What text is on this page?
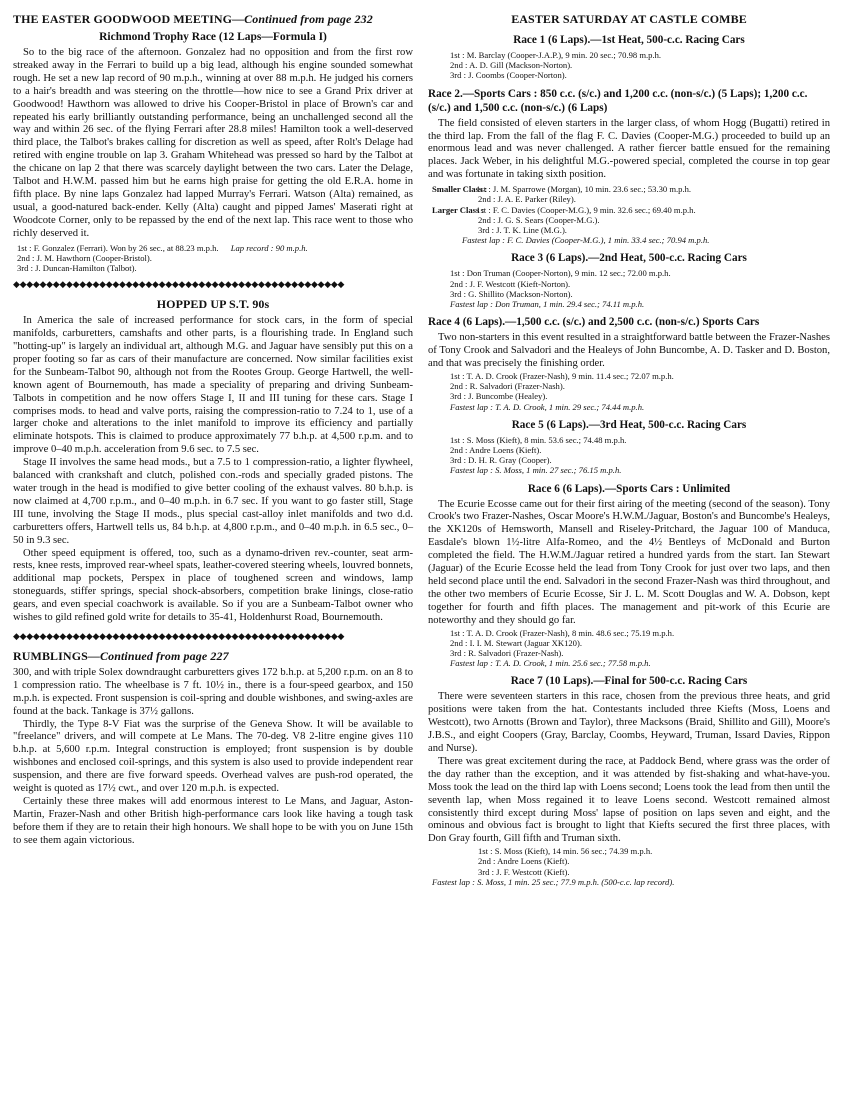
THE EASTER GOODWOOD MEETING—Continued from page 232
Richmond Trophy Race (12 Laps—Formula I)

So to the big race of the afternoon. Gonzalez had no opposition and from the first row streaked away in the Ferrari to build up a big lead, although his engine sounded somewhat rough. He set a new lap record of 90 m.p.h., winning at over 88 m.p.h. He judged his corners to a hair's breadth and was steering on the throttle—how nice to see a Grand Prix driver at Goodwood! Hawthorn was allowed to drive his Cooper-Bristol in place of Brown's car and repeated his early brilliantly outstanding performance, being an unchallenged second all the way and within 26 sec. of the flying Ferrari after 28.8 miles! Hamilton took a well-deserved third place, the Talbot's brakes calling for discretion as well as speed, after Rolt's Delage had retired with engine trouble on lap 3. Graham Whitehead was pressed so hard by the Talbot at the chicane on lap 2 that there was scarcely daylight between the two cars. Later the Delage, Talbot and H.W.M. passed him but he earns high praise for getting the old E.R.A. home in fifth place. By nine laps Gonzalez had lapped Murray's Ferrari. Watson (Alta) remained, as usual, a good-natured back-ender. Kelly (Alta) caught and pipped James' Maserati right at Woodcote Corner, only to be repassed by the end of the next lap. This race went to those who richly deserved it.

1st : F. Gonzalez (Ferrari). Won by 26 sec., at 88.23 m.p.h. Lap record : 90 m.p.h.
2nd : J. M. Hawthorn (Cooper-Bristol).
3rd : J. Duncan-Hamilton (Talbot).
◆◆◆◆◆◆◆◆◆◆◆◆◆◆◆◆◆◆◆◆◆◆◆◆◆◆◆◆◆◆◆◆◆◆◆◆◆◆◆◆◆◆◆◆◆◆◆◆◆◆
HOPPED UP S.T. 90s

In America the sale of increased performance for stock cars, in the form of special manifolds, carburetters, camshafts and other parts, is a flourishing trade. In England such "hotting-up" is largely an individual art, although M.G. and Jaguar have sensibly put this on a proper footing so far as cars of their manufacture are concerned. Now similar facilities exist for the Sunbeam-Talbot 90, although not from the Rootes Group. George Hartwell, the well-known agent of Bournemouth, has made a speciality of preparing and driving Sunbeam-Talbots in competition and he now offers Stage I, II and III tuning for these cars. Stage I comprises mods. to head and valve ports, raising the compression-ratio to 7.24 to 1, use of a larger choke and alterations to the inlet manifold to improve its efficiency and partially eliminate hotspots. This is claimed to produce approximately 77 b.h.p. at 4,500 r.p.m. and to improve 0–40 m.p.h. acceleration from 9.6 sec. to 7.5 sec.

Stage II involves the same head mods., but a 7.5 to 1 compression-ratio, a lighter flywheel, balanced with crankshaft and clutch, polished con.-rods and specially graded pistons. The water trough in the head is modified to give better cooling of the exhaust valves. 80 b.h.p. is now claimed at 4,700 r.p.m., and 0–40 m.p.h. in 6.7 sec. If you want to go faster still, Stage III tune, involving the Stage II mods., plus special cast-alloy inlet manifolds and two d.d. carburetters offers, Hartwell tells us, 84 b.h.p. at 4,800 r.p.m., and 0–40 m.p.h. in 6.5 sec., 0–50 in 9.3 sec.

Other speed equipment is offered, too, such as a dynamo-driven rev.-counter, seat arm-rests, knee rests, improved rear-wheel spats, leather-covered steering wheels, louvred bonnets, additional map pockets, Perspex in place of toughened screen and windows, lamp stoneguards, stiffer springs, special shock-absorbers, competition brake linings, close-ratio gears, and even special coachwork is available. So if you are a Sunbeam-Talbot owner who wishes to gild refined gold write for details to 35-41, Holdenhurst Road, Bournemouth.

◆◆◆◆◆◆◆◆◆◆◆◆◆◆◆◆◆◆◆◆◆◆◆◆◆◆◆◆◆◆◆◆◆◆◆◆◆◆◆◆◆◆◆◆◆◆◆◆◆◆
RUMBLINGS—Continued from page 227

300, and with triple Solex downdraught carburetters gives 172 b.h.p. at 5,200 r.p.m. on an 8 to 1 compression ratio. The wheelbase is 7 ft. 10½ in., there is a four-speed gearbox, and 150 m.p.h. is expected. Front suspension is coil-spring and double wishbones, and swing-axles are found at the back. Tankage is 37½ gallons.

Thirdly, the Type 8-V Fiat was the surprise of the Geneva Show. It will be available to "freelance" drivers, and will compete at Le Mans. The 70-deg. V8 2-litre engine gives 110 b.h.p. at 5,600 r.p.m. Integral construction is employed; front suspension is by double wishbones and enclosed coil-springs, and this system is also used to provide independent rear suspension, and there are five forward speeds. Overhead valves are push-rod operated, the weight is quoted as 17½ cwt., and over 120 m.p.h. is expected.

Certainly these three makes will add enormous interest to Le Mans, and Jaguar, Aston-Martin, Frazer-Nash and other British high-performance cars look like having a tough task before them if they are to retain their high honours. We shall hope to be with you on June 15th to see them again victorious.

EASTER SATURDAY AT CASTLE COMBE
Race 1 (6 Laps).—1st Heat, 500-c.c. Racing Cars
1st : M. Barclay (Cooper-J.A.P.), 9 min. 20 sec.; 70.98 m.p.h.
2nd : A. D. Gill (Mackson-Norton).
3rd : J. Coombs (Cooper-Norton).
Race 2.—Sports Cars : 850 c.c. (s/c.) and 1,200 c.c. (non-s/c.) (5 Laps); 1,200 c.c. (s/c.) and 1,500 c.c. (non-s/c.) (6 Laps)

The field consisted of eleven starters in the larger class, of whom Hogg (Bugatti) retired in the third lap. From the fall of the flag F. C. Davies (Cooper-M.G.) proceeded to build up an enormous lead and was never challenged. A rather fiercer battle ensued for the remaining places. Jack Weber, in his delightful M.G.-powered special, completed the course in top gear and was fortunate in taking sixth position.

Smaller Class : 1st : J. M. Sparrowe (Morgan), 10 min. 23.6 sec.; 53.30 m.p.h.
2nd : J. A. E. Parker (Riley).
Larger Class : 1st : F. C. Davies (Cooper-M.G.), 9 min. 32.6 sec.; 69.40 m.p.h.
2nd : J. G. S. Sears (Cooper-M.G.).
3rd : J. T. K. Line (M.G.).
Fastest lap : F. C. Davies (Cooper-M.G.), 1 min. 33.4 sec.; 70.94 m.p.h.
Race 3 (6 Laps).—2nd Heat, 500-c.c. Racing Cars
1st : Don Truman (Cooper-Norton), 9 min. 12 sec.; 72.00 m.p.h.
2nd : J. F. Westcott (Kieft-Norton).
3rd : G. Shillito (Mackson-Norton).
Fastest lap : Don Truman, 1 min. 29.4 sec.; 74.11 m.p.h.
Race 4 (6 Laps).—1,500 c.c. (s/c.) and 2,500 c.c. (non-s/c.) Sports Cars

Two non-starters in this event resulted in a straightforward battle between the Frazer-Nashes of Tony Crook and Salvadori and the Healeys of John Buncombe, A. D. Tasker and D. Boston, and that was precisely the finishing order.

1st : T. A. D. Crook (Frazer-Nash), 9 min. 11.4 sec.; 72.07 m.p.h.
2nd : R. Salvadori (Frazer-Nash).
3rd : J. Buncombe (Healey).
Fastest lap : T. A. D. Crook, 1 min. 29 sec.; 74.44 m.p.h.
Race 5 (6 Laps).—3rd Heat, 500-c.c. Racing Cars
1st : S. Moss (Kieft), 8 min. 53.6 sec.; 74.48 m.p.h.
2nd : Andre Loens (Kieft).
3rd : D. H. R. Gray (Cooper).
Fastest lap : S. Moss, 1 min. 27 sec.; 76.15 m.p.h.
Race 6 (6 Laps).—Sports Cars : Unlimited

The Ecurie Ecosse came out for their first airing of the meeting (second of the season). Tony Crook's two Frazer-Nashes, Oscar Moore's H.W.M./Jaguar, Boston's and Buncombe's Healeys, the XK120s of Hemsworth, Mansell and Riseley-Pritchard, the Jaguar 100 of Manduca, Easdale's blown 1½-litre Alfa-Romeo, and the 4½ Bentleys of McDonald and Burton completed the field. The H.W.M./Jaguar retired a hundred yards from the start. Ian Stewart (Jaguar) of the Ecurie Ecosse held the lead from Tony Crook for just over two laps, and then held second place until the end. Salvadori in the second Frazer-Nash was third throughout, and the other two members of Ecurie Ecosse, Sir J. L. M. Scott Douglas and W. A. Dobson, kept together for fourth and fifth places. The management and pit-work of this Ecurie are noteworthy and they should go far.

1st : T. A. D. Crook (Frazer-Nash), 8 min. 48.6 sec.; 75.19 m.p.h.
2nd : I. I. M. Stewart (Jaguar XK120).
3rd : R. Salvadori (Frazer-Nash).
Fastest lap : T. A. D. Crook, 1 min. 25.6 sec.; 77.58 m.p.h.
Race 7 (10 Laps).—Final for 500-c.c. Racing Cars

There were seventeen starters in this race, chosen from the previous three heats, and grid positions were taken from the hat. Contestants included three Kiefts (Moss, Loens and Westcott), two Arnotts (Brown and Taylor), three Macksons (Braid, Shillito and Gill), Moore's J.B.S., and eight Coopers (Gray, Barclay, Coombs, Heyward, Truman, Issard Davies, Rippon and Nurse).

There was great excitement during the race, at Paddock Bend, where grass was the order of the day rather than the exception, and it was attended by fist-shaking and what-have-you. Moss took the lead on the third lap with Loens second; Loens took the lead from then until the seventh lap, when Moss regained it to leave Loens second. Westcott remained almost consistently third except during Moss' lapse of position on laps seven and eight, and the ominous and obvious fact is brought to light that Kiefts secured the first three places, with Don Gray fourth, Gill fifth and Truman sixth.

1st : S. Moss (Kieft), 14 min. 56 sec.; 74.39 m.p.h.
2nd : Andre Loens (Kieft).
3rd : J. F. Westcott (Kieft).
Fastest lap : S. Moss, 1 min. 25 sec.; 77.9 m.p.h. (500-c.c. lap record).
